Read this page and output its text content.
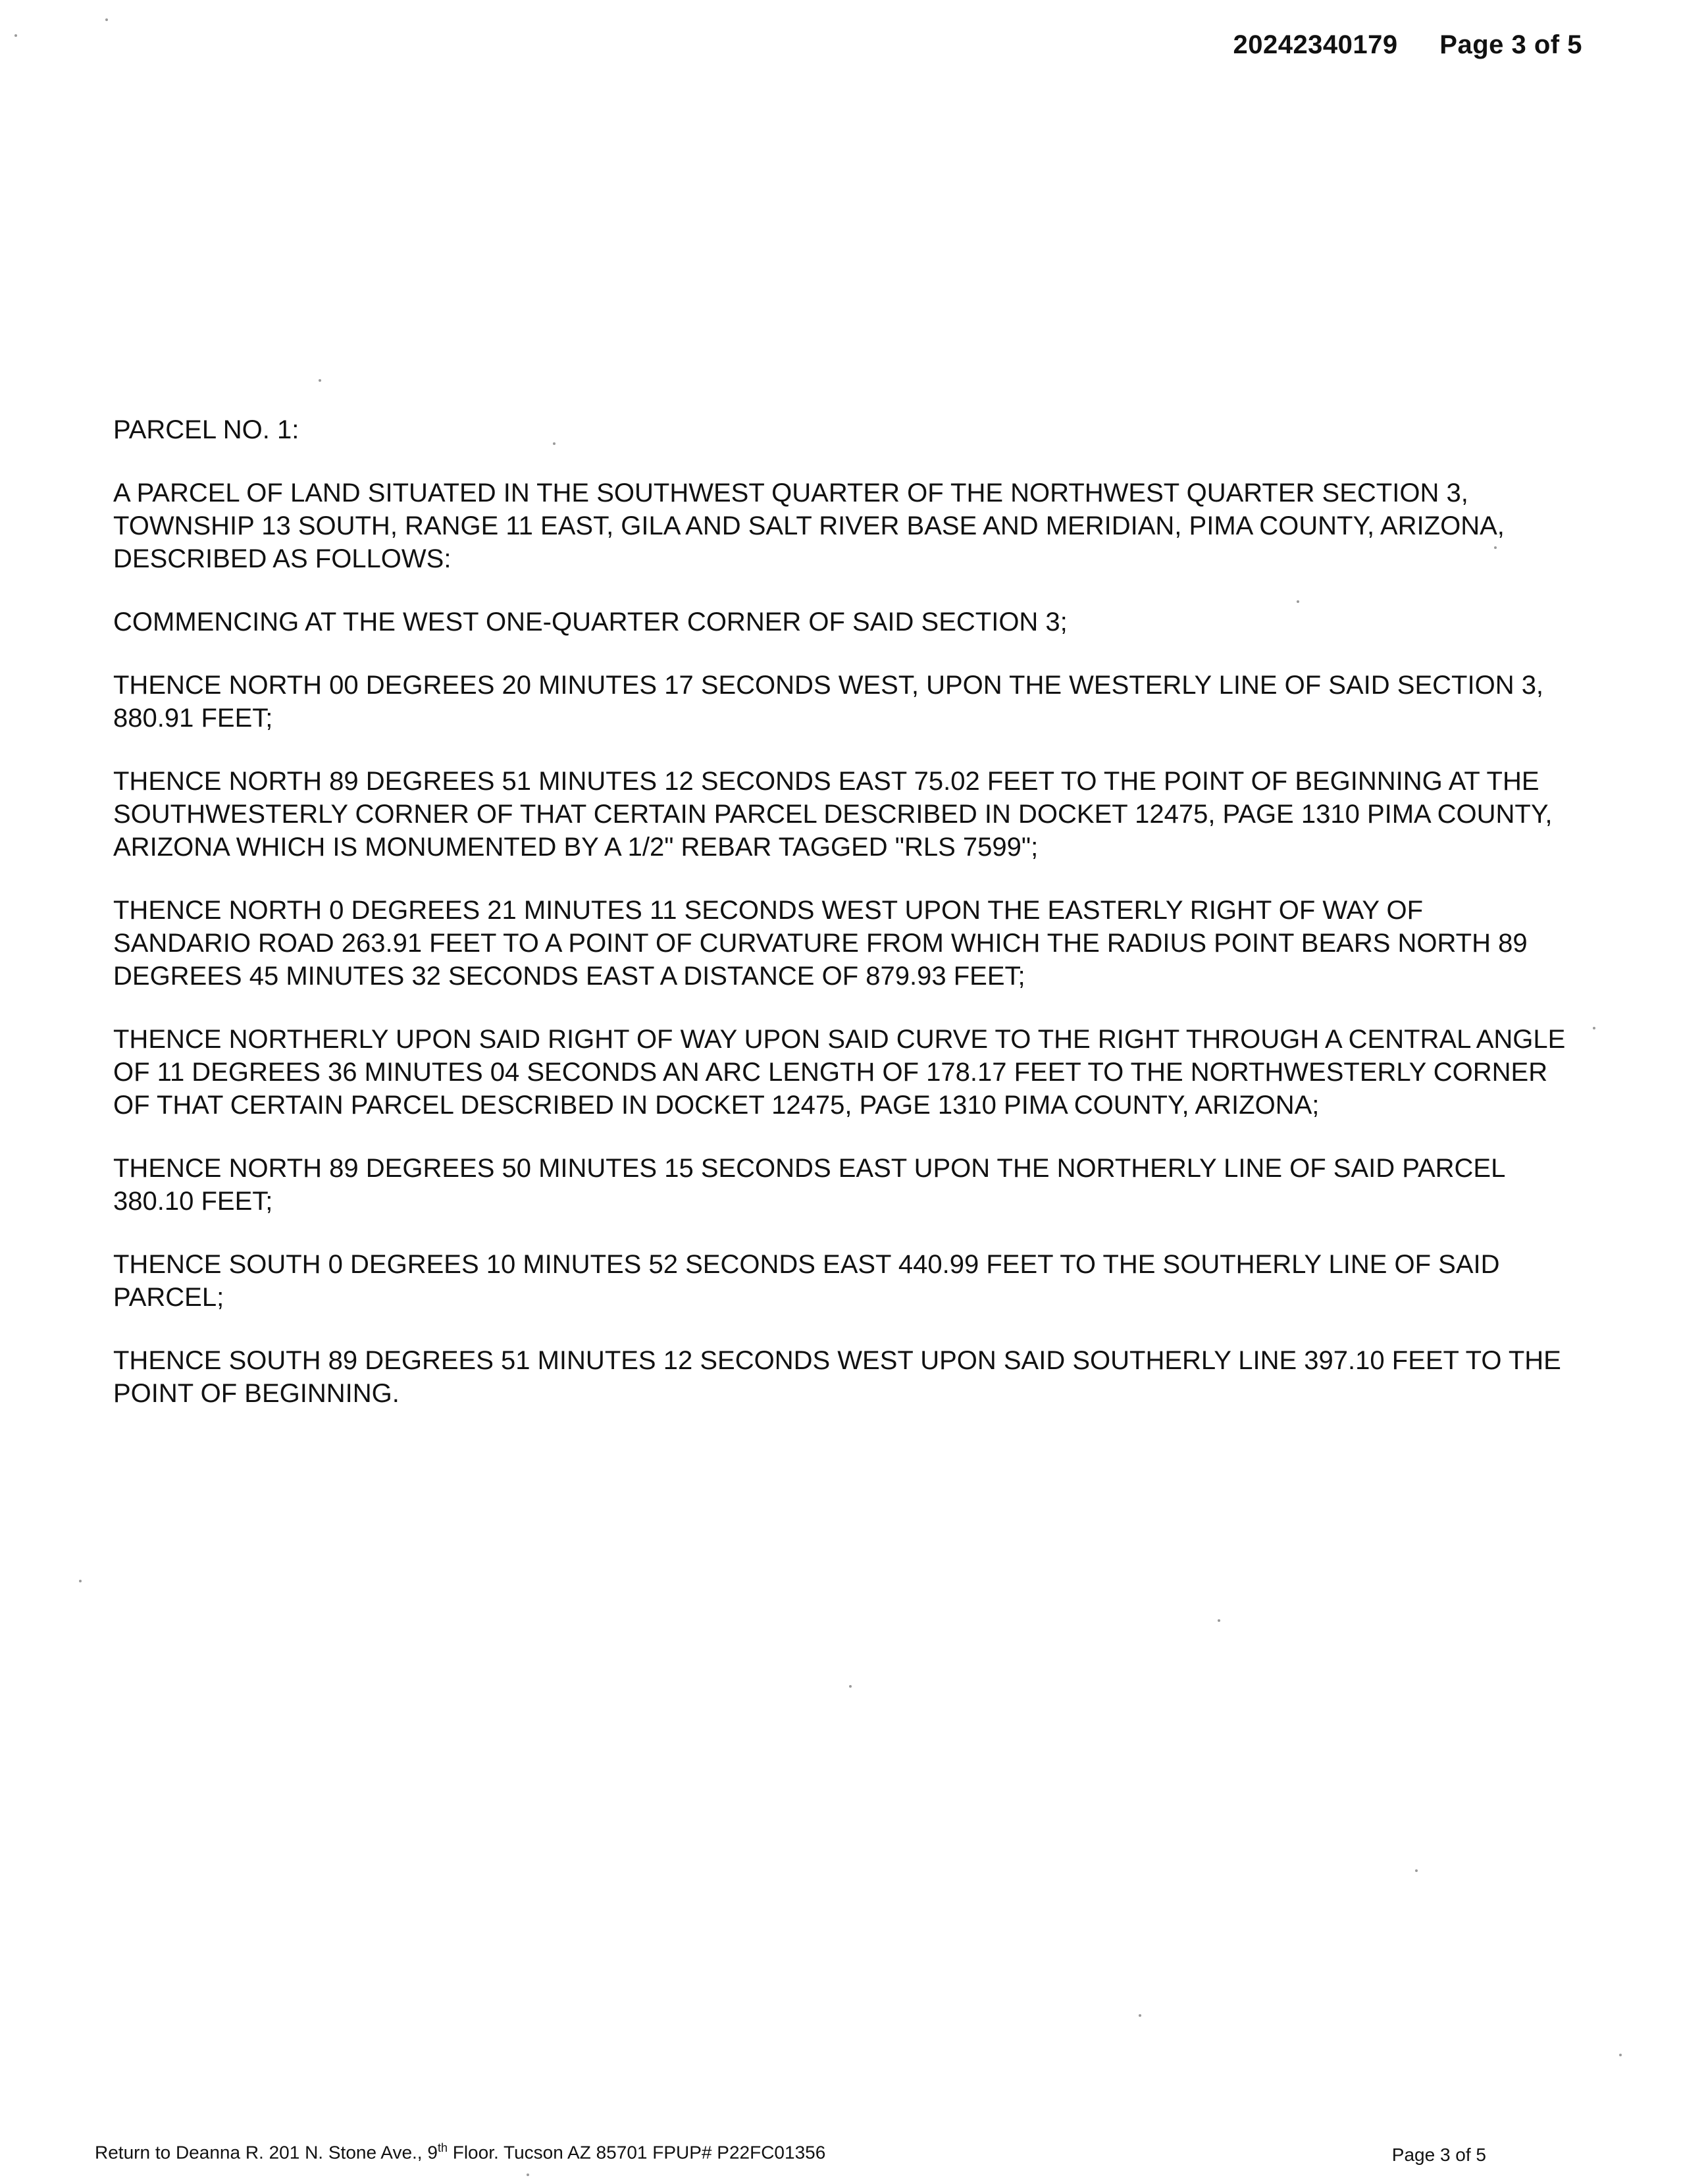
20242340179 Page 3 of 5

PARCEL NO. 1:

A PARCEL OF LAND SITUATED IN THE SOUTHWEST QUARTER OF THE NORTHWEST QUARTER SECTION 3, TOWNSHIP 13 SOUTH, RANGE 11 EAST, GILA AND SALT RIVER BASE AND MERIDIAN, PIMA COUNTY, ARIZONA, DESCRIBED AS FOLLOWS:

COMMENCING AT THE WEST ONE-QUARTER CORNER OF SAID SECTION 3;

THENCE NORTH 00 DEGREES 20 MINUTES 17 SECONDS WEST, UPON THE WESTERLY LINE OF SAID SECTION 3, 880.91 FEET;

THENCE NORTH 89 DEGREES 51 MINUTES 12 SECONDS EAST 75.02 FEET TO THE POINT OF BEGINNING AT THE SOUTHWESTERLY CORNER OF THAT CERTAIN PARCEL DESCRIBED IN DOCKET 12475, PAGE 1310 PIMA COUNTY, ARIZONA WHICH IS MONUMENTED BY A 1/2" REBAR TAGGED "RLS 7599";

THENCE NORTH 0 DEGREES 21 MINUTES 11 SECONDS WEST UPON THE EASTERLY RIGHT OF WAY OF SANDARIO ROAD 263.91 FEET TO A POINT OF CURVATURE FROM WHICH THE RADIUS POINT BEARS NORTH 89 DEGREES 45 MINUTES 32 SECONDS EAST A DISTANCE OF 879.93 FEET;

THENCE NORTHERLY UPON SAID RIGHT OF WAY UPON SAID CURVE TO THE RIGHT THROUGH A CENTRAL ANGLE OF 11 DEGREES 36 MINUTES 04 SECONDS AN ARC LENGTH OF 178.17 FEET TO THE NORTHWESTERLY CORNER OF THAT CERTAIN PARCEL DESCRIBED IN DOCKET 12475, PAGE 1310 PIMA COUNTY, ARIZONA;

THENCE NORTH 89 DEGREES 50 MINUTES 15 SECONDS EAST UPON THE NORTHERLY LINE OF SAID PARCEL 380.10 FEET;

THENCE SOUTH 0 DEGREES 10 MINUTES 52 SECONDS EAST 440.99 FEET TO THE SOUTHERLY LINE OF SAID PARCEL;

THENCE SOUTH 89 DEGREES 51 MINUTES 12 SECONDS WEST UPON SAID SOUTHERLY LINE 397.10 FEET TO THE POINT OF BEGINNING.

Return to Deanna R. 201 N. Stone Ave., 9th Floor. Tucson AZ 85701 FPUP# P22FC01356	Page 3 of 5
